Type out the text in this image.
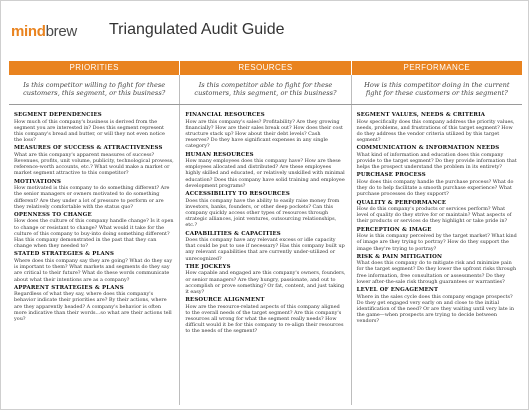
mindbrew Triangulated Audit Guide
PRIORITIES	RESOURCES	PERFORMANCE
Is this competitor willing to fight for these customers, this segment, or this business?
Is this competitor able to fight for these customers, this segment, or this business?
How is this competitor doing in the current fight for these customers or this segment?
SEGMENT DEPENDENCIES
How much of this company's business is derived from the segment you are interested in? Does this segment represent this company's bread and butter, or will they not even notice the loss?
MEASURES OF SUCCESS & ATTRACTIVENESS
What are this company's apparent measures of success? Revenues, profits, unit volume, publicity, technological prowess, reference-worth accounts, etc.? What would make a market or market segment attractive to this competitor?
MOTIVATIONS
How motivated is this company to do something different? Are the senior managers or owners motivated to do something different? Are they under a lot of pressure to perform or are they relatively comfortable with the status quo?
OPENNESS TO CHANGE
How does the culture of this company handle change? Is it open to change or resistant to change? What would it take for the culture of this company to buy-into doing something different? Has this company demonstrated in the past that they can change when they needed to?
STATED STRATEGIES & PLANS
Where does this company say they are going? What do they say is important to them? What markets and segments do they say are critical to their future? What do these words communicate about what their intentions are as a company?
APPARENT STRATEGIES & PLANS
Regardless of what they say, where does this company's behavior indicate their priorities are? By their actions, where are they apparently headed? A company's behavior is often more indicative than their words…so what are their actions tell you?
FINANCIAL RESOURCES
How are this company's sales? Profitability? Are they growing financially? How are their sales break out? How does their cost structure stack up? How about their debt levels? Cash reserves? Do they have significant expenses in any single category?
HUMAN RESOURCES
How many employees does this company have? How are these employees allocated and distributed? Are these employees highly skilled and educated, or relatively unskilled with minimal education? Does this company have solid training and employee development programs?
ACCESSIBILITY TO RESOURCES
Does this company have the ability to easily raise money from investors, banks, founders, or other deep pockets? Can this company quickly access other types of resources through strategic alliances, joint ventures, outsourcing relationships, etc.?
CAPABILITIES & CAPACITIES
Does this company have any relevant excess or idle capacity that could be put to use if necessary? Has this company built up any relevant capabilities that are currently under-utilized or unrecognized?
THE JOCKEYS
How capable and engaged are this company's owners, founders, or senior managers? Are they hungry, passionate, and out to accomplish or prove something? Or fat, content, and just taking it easy?
RESOURCE ALIGNMENT
How are the resource-related aspects of this company aligned to the overall needs of the target segment? Are this company's resources all wrong for what the segment really needs? How difficult would it be for this company to re-align their resources to the needs of the segment?
SEGMENT VALUES, NEEDS & CRITERIA
How specifically does this company address the priority values, needs, problems, and frustrations of this target segment? How do they address the vendor criteria utilized by this target segment?
COMMUNICATION & INFORMATION NEEDS
What kind of information and education does this company provide to the target segment? Do they provide information that helps the prospect understand the problem in its entirety?
PURCHASE PROCESS
How does this company handle the purchase process? What do they do to help facilitate a smooth purchase experience? What purchase processes do they support?
QUALITY & PERFORMANCE
How do this company's products or services perform? What level of quality do they strive for or maintain? What aspects of their products or services do they highlight or take pride in?
PERCEPTION & IMAGE
How is this company perceived by the target market? What kind of image are they trying to portray? How do they support the image they're trying to portray?
RISK & PAIN MITIGATION
What does this company do to mitigate risk and minimize pain for the target segment? Do they lower the upfront risks through free information, free consultation or assessments? Do they lower after-the-sale risk through guarantees or warranties?
LEVEL OF ENGAGEMENT
Where in the sales cycle does this company engage prospects? Do they get engaged very early on and close to the initial identification of the need? Or are they waiting until very late in the game—when prospects are trying to decide between vendors?
